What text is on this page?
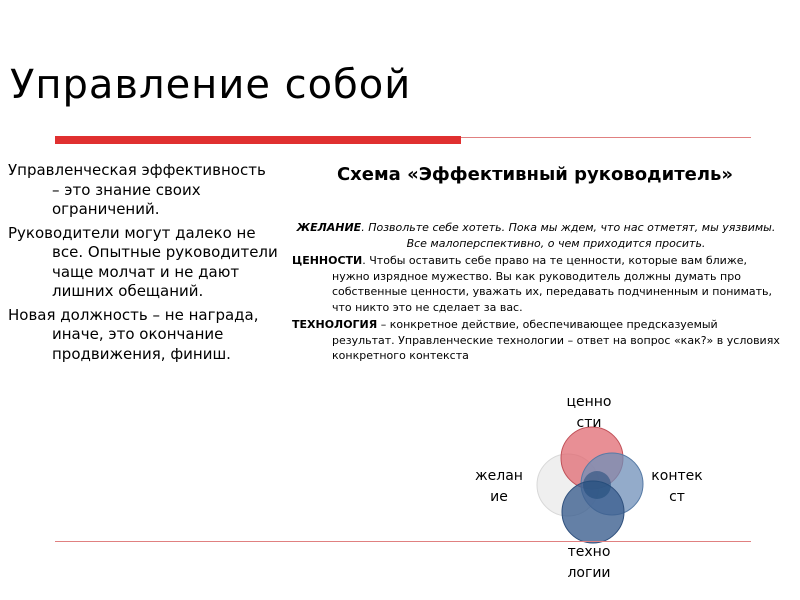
Управление собой

Управленческая эффективность – это знание своих ограничений.

Руководители могут далеко не все. Опытные руководители чаще молчат и не дают лишних обещаний.

Новая должность – не награда, иначе, это окончание продвижения, финиш.

Схема «Эффективный руководитель»

ЖЕЛАНИЕ. Позвольте себе хотеть. Пока мы ждем, что нас отметят, мы уязвимы. Все малоперспективно, о чем приходится просить.

ЦЕННОСТИ. Чтобы оставить себе право на те ценности, которые вам ближе, нужно изрядное мужество. Вы как руководитель должны думать про собственные ценности, уважать их, передавать подчиненным и понимать, что никто это не сделает за вас.

ТЕХНОЛОГИЯ – конкретное действие, обеспечивающее предсказуемый результат. Управленческие технологии – ответ на вопрос «как?» в условиях конкретного контекста

ценно сти
желан ие
контек ст
техно логии
